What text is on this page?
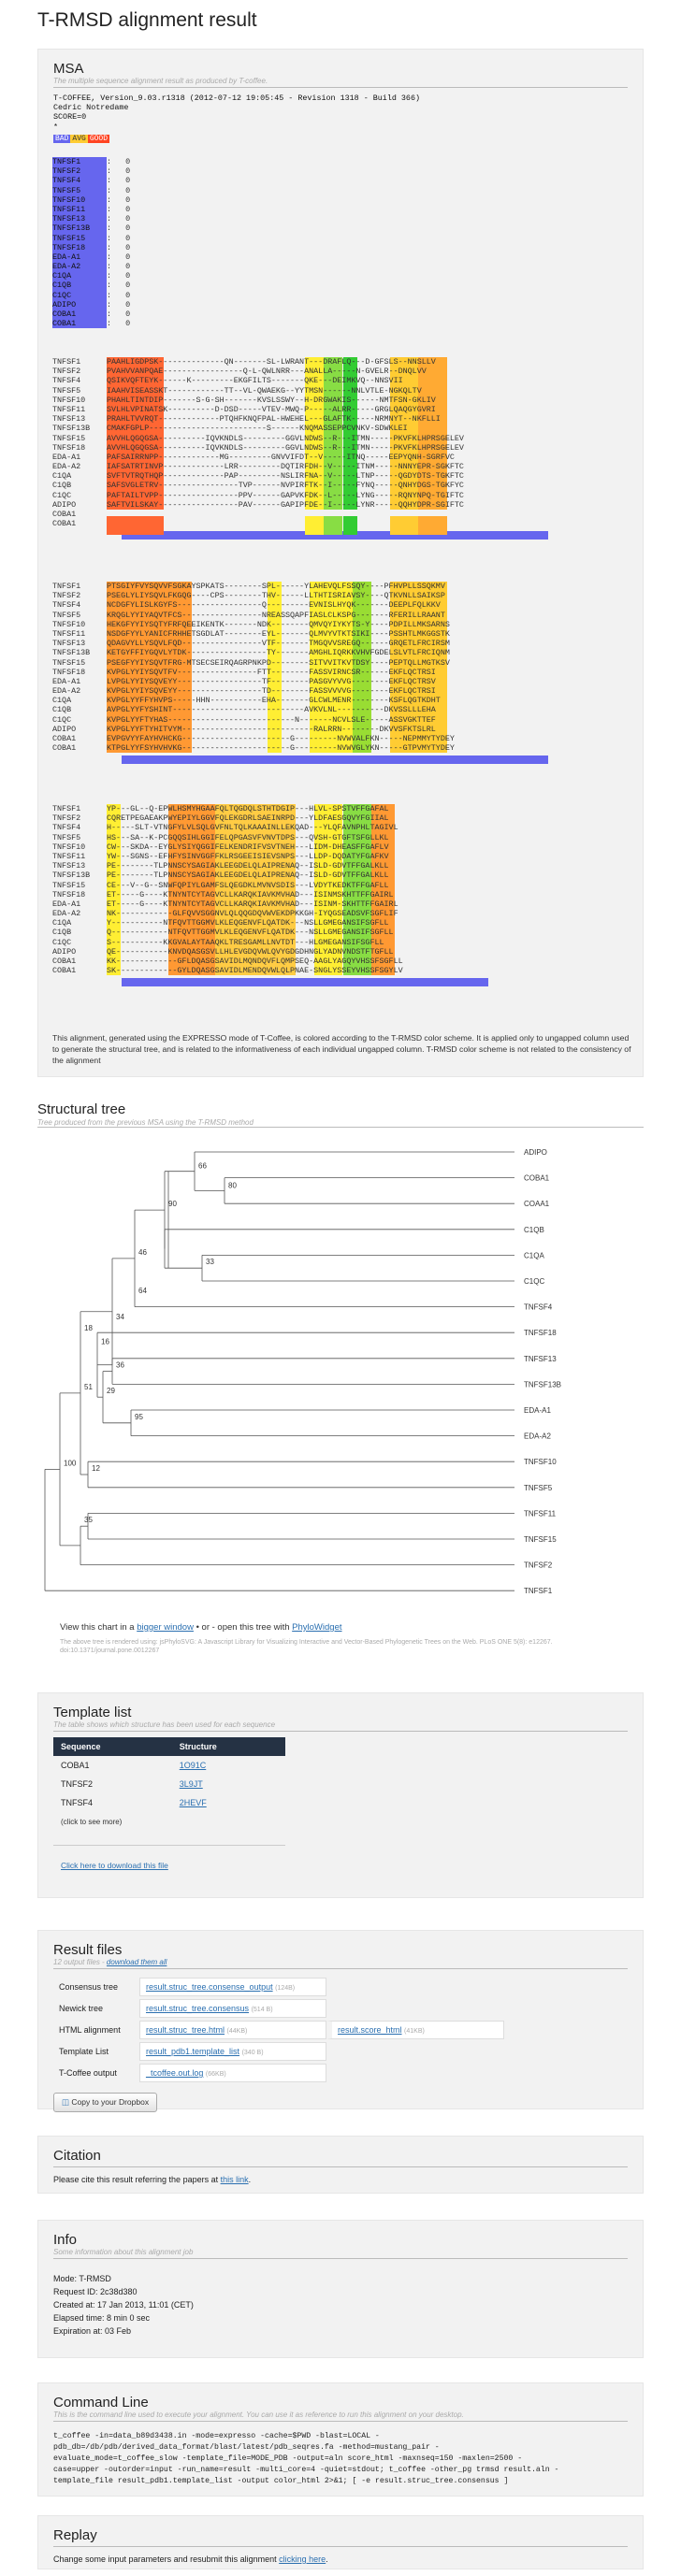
T-RMSD alignment result
MSA
The multiple sequence alignment result as produced by T-coffee.
T-COFFEE, Version_9.03.r1318 (2012-07-12 19:05:45 - Revision 1318 - Build 366)
Cedric Notredame
SCORE=0
*
BAD AVG GOOD
TNFSF1	:   0
TNFSF2	:   0
TNFSF4	:   0
TNFSF5	:   0
TNFSF10	:   0
TNFSF11	:   0
TNFSF13	:   0
TNFSF13B :   0
TNFSF15	:   0
TNFSF18	:   0
EDA-A1	:   0
EDA-A2	:   0
C1QA	:   0
C1QB	:   0
C1QC	:   0
ADIPO	:   0
COBA1	:   0
COBA1	:   0
TNFSF1	PAAHLIGDPSK--------------QN-------SL-LWRANT---DRAFLQ---D-GFSLS--NNSLLV
TNFSF2	PVAHVVANPQAE-----------------Q-L-QWLNRR---ANALLA-----N-GVELR--DNQLVV
TNFSF4	QSIKVQFTEYK------K---------EKGFILTS-------QKE---DEIMKVQ--NNSVII
TNFSF5	IAAHVISEASSKT------------TT--VL-QWAEKG--YYTMSN------NNLVTLE-NGKQLTV
TNFSF10	PHAHLTINTDIP-------S-G-SH-------KVSLSSWY--H-DRGWAKIS------NMTFSN-GKLIV
TNFSF11	SVLHLVPINATSK----------D-DSD-----VTEV-MWQ-P-----ALRR-----GRGLQAQGYGVRI
TNFSF13	PRAHLTVVRQT-------------PTQHFKNQFPAL-HWEHEL---GLAFTK-----NRMNYT--NKFLLI
TNFSF13B CMAKFGPLP-------------------------S------KNQMASSEPPCVNKV-SDWKLEI
TNFSF15	AVVHLQGQGSA----------IQVKNDLS---------GGVLNDWS--R---ITMN-----PKVFKLHPRSGELEV
TNFSF18	AVVHLQGQGSA----------IQVKNDLS---------GGVLNDWS--R---ITMN-----PKVFKLHPRSGELEV
EDA-A1	PAFSAIRRNPP-------------MG---------GNVVIFDT--V-----ITNQ-----EEPYQNH-SGRFVC
EDA-A2	IAFSATRTINVP-------------LRR---------DQTIRFDH--V-----ITNM-----NNNYEPR-SGKFTC
C1QA	SVFTVTRQTHQP-------------PAP---------NSLIRFNA--V-----LTNP-----QGDYDTS-TGKFTC
C1QB	SAFSVGLETRV-----------------TVP------NVPIRFTK--I-----FYNQ-----QNHYDGS-TGKFYC
C1QC	PAFTAILTVPP-----------------PPV------GAPVKFDK--L-----LYNG-----RQNYNPQ-TGIFTC
ADIPO	SAFTVILSKAY-----------------PAV------GAPIPFDE--I-----LYNR-----QQHYDPR-SGIFTC
COBA1
COBA1
TNFSF1	PTSGIYFVYSQVVFSGKAYSPKATS--------SPL------YLAHEVQLFSSQY----PFHVPLLSSQKMV
TNFSF2	PSEGLYLIYSQVLFKGQG----CPS--------THV------LLTHTISRIAVSY----QTKVNLLSAIKSP
TNFSF4	NCDGFYLISLKGYFS------------------Q---------EVNISLHYQK-------DEEPLFQLKKV
TNFSF5	KRQGLYYIYAQVTFCS-----------------NREASSQAPFIASLCLKSPG-------RFERILLRAANT
TNFSF10	HEKGFYYIYSQTYFRFQEEIKENTK-------NDK--------QMVQYIYKYTS-Y----PDPILLMKSARNS
TNFSF11	NSDGFYYLYANICFRHHETSGDLAT--------EYL-------QLMVYVTKTSIKI----PSSHTLMKGGSTK
TNFSF13	QDAGVYLLYSQVLFQD-----------------VTF-------TMGQVVSREGQ------GRQETLFRCIRSM
TNFSF13B KETGYFFIYGQVLYTDK-----------------TY-------AMGHLIQRKKVHVFGDELSLVTLFRCIQNM
TNFSF15	PSEGFYYIYSQVTFRG-MTSECSEIRQAGRPNKPD--------SITVVITKVTDSY----PEPTQLLMGTKSV
TNFSF18	KVPGLYYIYSQVTFV-----------------FTT--------FASSVIRNCSR------EKFLQCTRSI
EDA-A1	LVPGLYYIYSQVEYY------------------TF--------PASGVYVVG--------EKFLQCTRSV
EDA-A2	KVPGLYYIYSQVEYY------------------TD--------FASSVVVVG--------EKFLQCTRSI
C1QA	KVPGLYYFFYHVPS-----HHN-----------EHA-------GLCWLMENR--------KSFLQGTKDHT
C1QB	AVPGLYYFYSHINT----------------------------AVKVLNL----------DKVSSLLLEHA
C1QC	KVPGLYYFTYHAS---------------------------N-------NCVLSLE-----ASSVGKTTEF
ADIPO	KVPGLYYFTYHITVYM----------------------------RALRRN--------DKVVSFKTSLRL
COBA1	EVPGVYYFAYHVHCKG-----------------------G---------NVWVALFKN-----NEPMMYTYDEY
COBA1	KTPGLYYFSYHVHVKG-----------------------G---------NVWVGLYKN-----GTPVMYTYDEY
TNFSF1	YP---GL--Q-EPWLHSMYHGAAFQLTQGDQLSTHTDGIP---HLVL-SPSTVFFGAFAL
TNFSF2	CQRETPEGAEAKPWYEPIYLGGVFQLEKGDRLSAEINRPD---YLDFAESGQVYFGIIAL
TNFSF4	H-----SLT-VTNGFYLVLSQLGVFNLTQLKAAAINLLEKQAD---YLQFAVNPHLTAGIVL
TNFSF5	HS---SA--K-PCGQQSIHLGGIFELQPGASVFVNVTDPS---QVSH-GTGFTSFGLLKL
TNFSF10	CW---SKDA--EYGLYSIYQGGIFELKENDRIFVSVTNEH---LIDM-DHEASFFGAFLV
TNFSF11	YW---SGNS--EFHFYSINVGGFFKLRSGEEISIEVSNPS---LLDP-DQDATYFGAFKV
TNFSF13	PE--------TLPNNSCYSAGIAKLEEGDELQLAIPRENAQ--ISLD-GDVTFFGALKLL
TNFSF13B PE--------TLPNNSCYSAGIAKLEEGDELQLAIPRENAQ--ISLD-GDVTFFGALKLL
TNFSF15	CE---V--G--SNWFQPIYLGAMFSLQEGDKLMVNVSDIS---LVDYTKEDKTFFGAFLL
TNFSF18	ET-----G----KTNYNTCYTAGVCLLKARQKIAVKMVHAD---ISINMSKHTTFFGAIRL
EDA-A1	ET-----G----KTNYNTCYTAGVCLLKARQKIAVKMVHAD---ISINM-SKHTTFFGAIRL
EDA-A2	NK------------GLFQVVSGGNVLQLQQGDQVWVEKDPKKGH-IYQGSEADSVFSGFLIF
C1QA	Y-----------NTFQVTTGGMVLKLEQGENVFLQATDK---NSLLGMEGANSIFSGFLL
C1QB	Q------------NTFQVTTGGMVLKLEQGENVFLQATDK---NSLLGMEGANSIFSGFLL
C1QC	S-----------KKGVALAYTAAQKLTRESGAMLLNVTDT---HLGMEGANSIFSGFLL
ADIPO	QE-----------KNVDQASGSVLLHLEVGDQVWLQVYGDGDHNGLYADNVNDSTFTGFLL
COBA1	KK-------------GFLDQASGSAVIDLMQNDQVFLQMPSEQ-AAGLYAGQYVHSSFSGFLL
COBA1	SK-------------GYLDQASGSAVIDLMENDQVWLQLPNAE-SNGLYSSEYVHSSFSGYLV
This alignment, generated using the EXPRESSO mode of T-Coffee, is colored according to the T-RMSD color scheme. It is applied only to ungapped column used to generate the structural tree, and is related to the informativeness of each individual ungapped column. T-RMSD color scheme is not related to the consistency of the alignment
Structural tree
Tree produced from the previous MSA using the T-RMSD method
ADIPO
COBA1
COAA1
C1QB
C1QA
C1QC
TNFSF4
TNFSF18
TNFSF13
TNFSF13B
EDA-A1
EDA-A2
TNFSF10
TNFSF5
TNFSF11
TNFSF15
TNFSF2
TNFSF1
66
80
46
90
33
64
34
16
36
29
18
95
51
12
100
35
View this chart in a bigger window • or - open this tree with PhyloWidget
The above tree is rendered using: jsPhyloSVG: A Javascript Library for Visualizing Interactive and Vector-Based Phylogenetic Trees on the Web. PLoS ONE 5(8): e12267. doi:10.1371/journal.pone.0012267
Template list
The table shows which structure has been used for each sequence
Sequence	Structure
COBA1	1O91C
TNFSF2	3L9JT
TNFSF4	2HEVF
(click to see more)
Click here to download this file
Result files
12 output files - download them all
Consensus tree	result.struc_tree.consense_output (124B)	
Newick tree	result.struc_tree.consensus (514 B)	
HTML alignment	result.struc_tree.html (44KB)	result.score_html (41KB)
Template List	result_pdb1.template_list (340 B)	
T-Coffee output	_tcoffee.out.log (66KB)	
◫ Copy to your Dropbox
Citation
Please cite this result referring the papers at this link.
Info
Some information about this alignment job
Mode: T-RMSD
Request ID: 2c38d380
Created at: 17 Jan 2013, 11:01 (CET)
Elapsed time: 8 min 0 sec
Expiration at: 03 Feb
Command Line
This is the command line used to execute your alignment. You can use it as reference to run this alignment on your desktop.
t_coffee -in=data_b89d3438.in -mode=expresso -cache=$PWD -blast=LOCAL -
pdb_db=/db/pdb/derived_data_format/blast/latest/pdb_seqres.fa -method=mustang_pair -
evaluate_mode=t_coffee_slow -template_file=MODE_PDB -output=aln score_html -maxnseq=150 -maxlen=2500 -
case=upper -outorder=input -run_name=result -multi_core=4 -quiet=stdout; t_coffee -other_pg trmsd result.aln -
template_file result_pdb1.template_list -output color_html 2>&1; [ -e result.struc_tree.consensus ]
Replay
Change some input parameters and resubmit this alignment clicking here.
